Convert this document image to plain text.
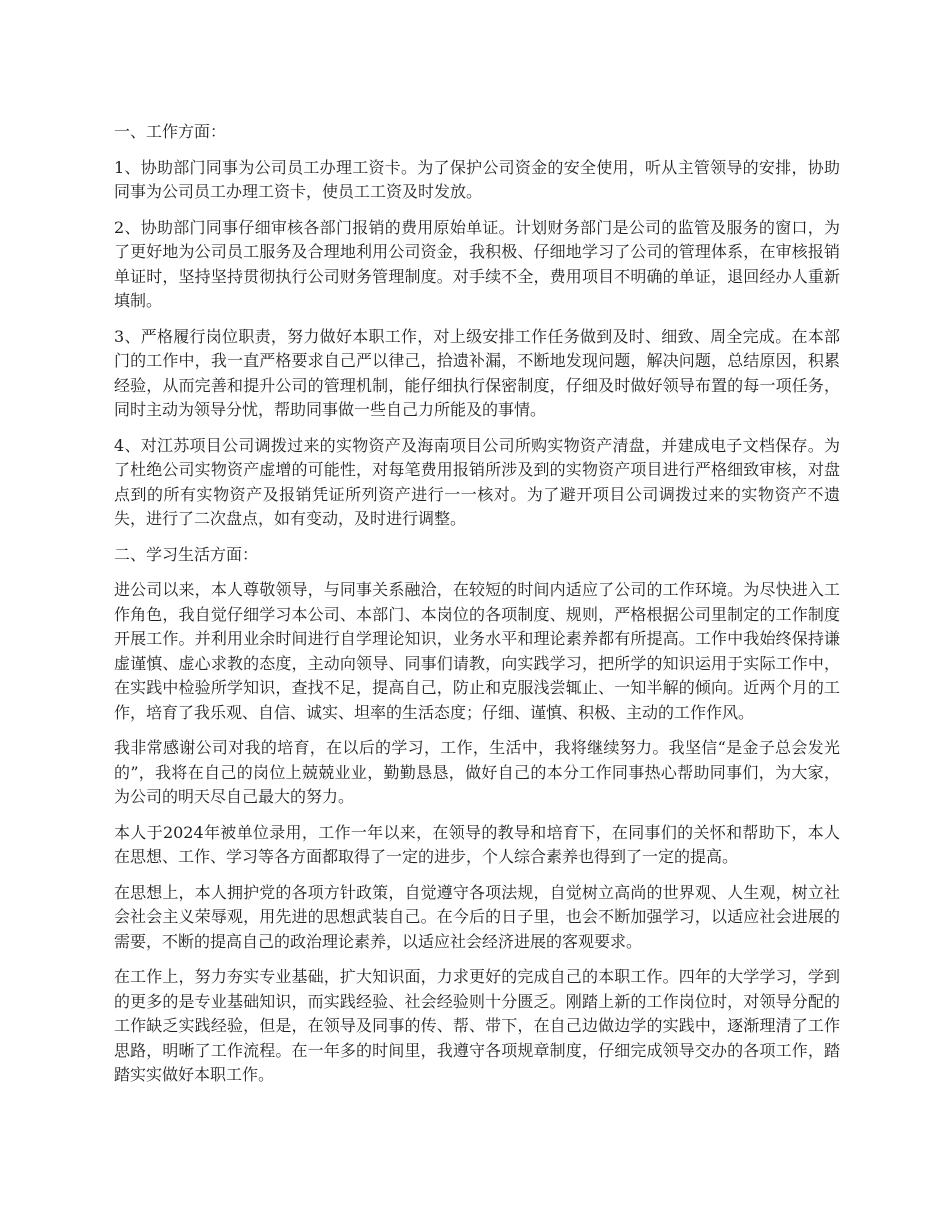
一、工作方面：

1、协助部门同事为公司员工办理工资卡。为了保护公司资金的安全使用，听从主管领导的安排，协助同事为公司员工办理工资卡，使员工工资及时发放。

2、协助部门同事仔细审核各部门报销的费用原始单证。计划财务部门是公司的监管及服务的窗口，为了更好地为公司员工服务及合理地利用公司资金，我积极、仔细地学习了公司的管理体系，在审核报销单证时，坚持坚持贯彻执行公司财务管理制度。对手续不全，费用项目不明确的单证，退回经办人重新填制。

3、严格履行岗位职责，努力做好本职工作，对上级安排工作任务做到及时、细致、周全完成。在本部门的工作中，我一直严格要求自己严以律己，拾遗补漏，不断地发现问题，解决问题，总结原因，积累经验，从而完善和提升公司的管理机制，能仔细执行保密制度，仔细及时做好领导布置的每一项任务，同时主动为领导分忧，帮助同事做一些自己力所能及的事情。

4、对江苏项目公司调拨过来的实物资产及海南项目公司所购实物资产清盘，并建成电子文档保存。为了杜绝公司实物资产虚增的可能性，对每笔费用报销所涉及到的实物资产项目进行严格细致审核，对盘点到的所有实物资产及报销凭证所列资产进行一一核对。为了避开项目公司调拨过来的实物资产不遗失，进行了二次盘点，如有变动，及时进行调整。

二、学习生活方面：

进公司以来，本人尊敬领导，与同事关系融洽，在较短的时间内适应了公司的工作环境。为尽快进入工作角色，我自觉仔细学习本公司、本部门、本岗位的各项制度、规则，严格根据公司里制定的工作制度开展工作。并利用业余时间进行自学理论知识，业务水平和理论素养都有所提高。工作中我始终保持谦虚谨慎、虚心求教的态度，主动向领导、同事们请教，向实践学习，把所学的知识运用于实际工作中，在实践中检验所学知识，查找不足，提高自己，防止和克服浅尝辄止、一知半解的倾向。近两个月的工作，培育了我乐观、自信、诚实、坦率的生活态度；仔细、谨慎、积极、主动的工作作风。

我非常感谢公司对我的培育，在以后的学习，工作，生活中，我将继续努力。我坚信“是金子总会发光的”，我将在自己的岗位上兢兢业业，勤勤恳恳，做好自己的本分工作同事热心帮助同事们，为大家，为公司的明天尽自己最大的努力。

本人于2024年被单位录用，工作一年以来，在领导的教导和培育下，在同事们的关怀和帮助下，本人在思想、工作、学习等各方面都取得了一定的进步，个人综合素养也得到了一定的提高。

在思想上，本人拥护党的各项方针政策，自觉遵守各项法规，自觉树立高尚的世界观、人生观，树立社会社会主义荣辱观，用先进的思想武装自己。在今后的日子里，也会不断加强学习，以适应社会进展的需要，不断的提高自己的政治理论素养，以适应社会经济进展的客观要求。

在工作上，努力夯实专业基础，扩大知识面，力求更好的完成自己的本职工作。四年的大学学习，学到的更多的是专业基础知识，而实践经验、社会经验则十分匮乏。刚踏上新的工作岗位时，对领导分配的工作缺乏实践经验，但是，在领导及同事的传、帮、带下，在自己边做边学的实践中，逐渐理清了工作思路，明晰了工作流程。在一年多的时间里，我遵守各项规章制度，仔细完成领导交办的各项工作，踏踏实实做好本职工作。
